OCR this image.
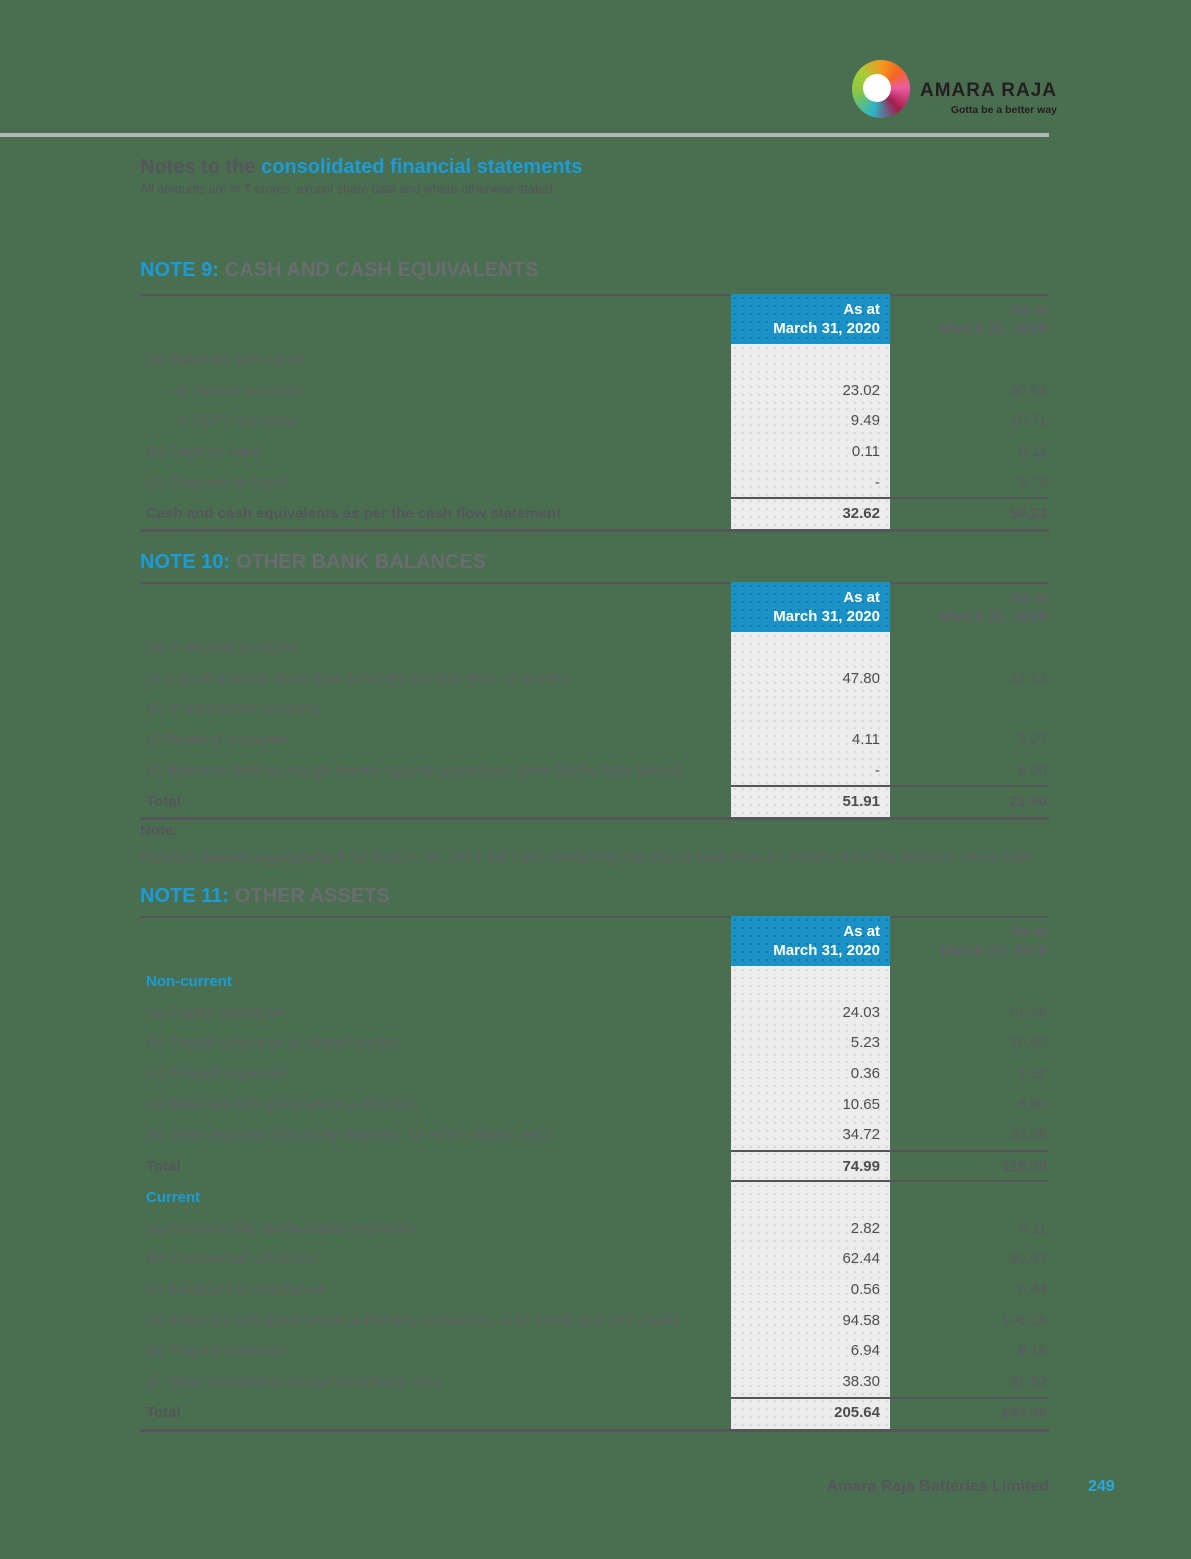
AMARA RAJA
Gotta be a better way
Notes to the consolidated financial statements
All amounts are in ₹ crores, except share data and where otherwise stated
NOTE 9: CASH AND CASH EQUIVALENTS
As at
March 31, 2020
As at
March 31, 2019
(a) Balances with banks
- in current accounts	23.02	30.62
- in EEFC accounts	9.49	15.71
(b) Cash on hand	0.11	0.11
(c) Cheques on hand	-	3.79
Cash and cash equivalents as per the cash flow statement	32.62	50.23
NOTE 10: OTHER BANK BALANCES
As at
March 31, 2020
As at
March 31, 2019
(a) In deposit accounts
(i) original maturity more than 3 months but less than 12 months	47.80	12.13
(b) In earmarked accounts
(i) Dividend accounts	4.11	3.27
(ii) Balances held as margin money against guarantees given [Refer Note below]	-	6.20
Total	51.91	21.60
Note:
Includes deposit aggregating ₹ Nil (March 31, 2019: Nil ) with remaining maturity of more than 12 months from the Balance Sheet date.
NOTE 11: OTHER ASSETS
As at
March 31, 2020
As at
March 31, 2019
Non-current
(a) Capital advances	24.03	61.56
(b) Capital advances to related parties	5.23	10.62
(c) Prepaid expenses	0.36	1.52
(d) Balances with government authorities	10.65	8.80
(e) Other deposits (Electricity deposits, for other utilities, etc.)	34.72	33.28
Total	74.99	115.78
Current
(a) Contractually reimbursable expenses	2.82	6.11
(b) Commercial advances	62.44	50.97
(c) Advances to employees	0.56	0.44
(d) Balances with government authorities (Advances, GST credit and VAT credit)	94.58	196.18
(e) Prepaid expenses	6.94	8.16
(f) Other receivables (export incentives, etc.)	38.30	31.52
Total	205.64	293.38
Amara Raja Batteries Limited 249
